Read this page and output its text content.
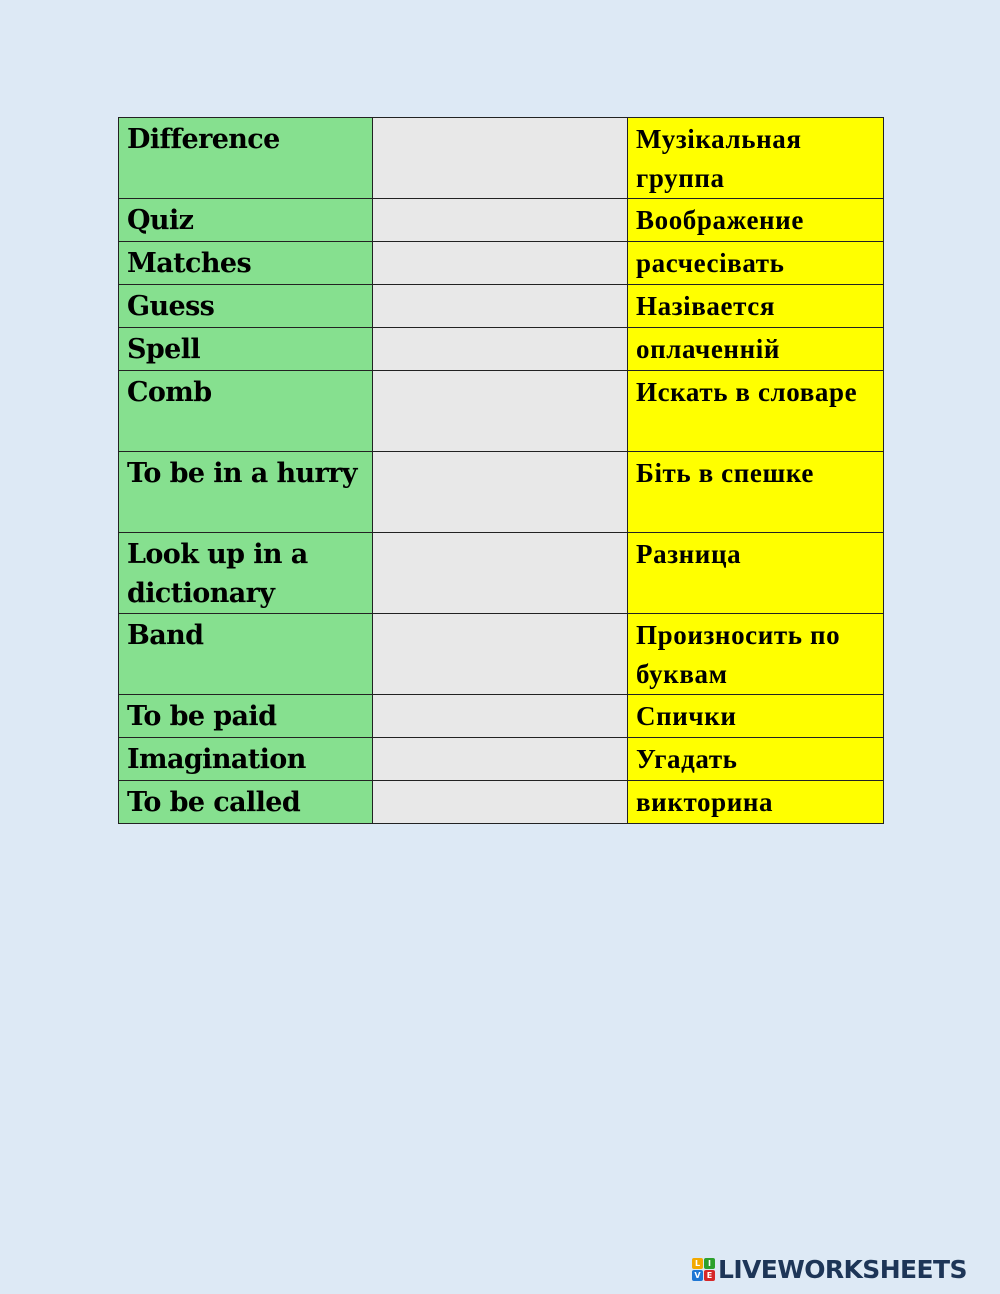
Difference		Музікальная группа
Quiz		Воображение
Matches		расчесівать
Guess		Назівается
Spell		оплаченній
Comb		Искать в словаре
To be in a hurry		Біть в спешке
Look up in a dictionary		Разница
Band		Произносить по буквам
To be paid		Спички
Imagination		Угадать
To be called		викторина
L I
V E LIVEWORKSHEETS
